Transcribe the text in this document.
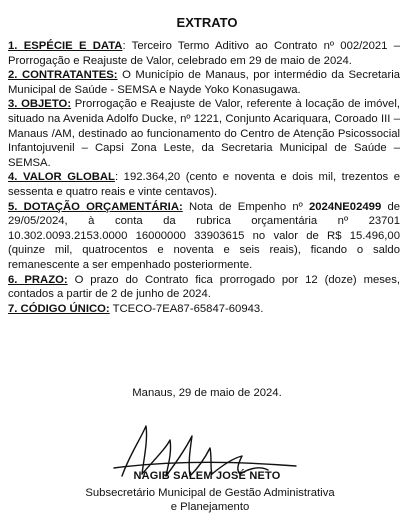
EXTRATO

1. ESPÉCIE E DATA: Terceiro Termo Aditivo ao Contrato nº 002/2021 – Prorrogação e Reajuste de Valor, celebrado em 29 de maio de 2024.

2. CONTRATANTES: O Município de Manaus, por intermédio da Secretaria Municipal de Saúde - SEMSA e Nayde Yoko Konasugawa.

3. OBJETO: Prorrogação e Reajuste de Valor, referente à locação de imóvel, situado na Avenida Adolfo Ducke, nº 1221, Conjunto Acariquara, Coroado III – Manaus /AM, destinado ao funcionamento do Centro de Atenção Psicossocial Infantojuvenil – Capsi Zona Leste, da Secretaria Municipal de Saúde – SEMSA.

4. VALOR GLOBAL: 192.364,20 (cento e noventa e dois mil, trezentos e sessenta e quatro reais e vinte centavos).

5. DOTAÇÃO ORÇAMENTÁRIA: Nota de Empenho nº 2024NE02499 de 29/05/2024, à conta da rubrica orçamentária nº 23701 10.302.0093.2153.0000 16000000 33903615 no valor de R$ 15.496,00 (quinze mil, quatrocentos e noventa e seis reais), ficando o saldo remanescente a ser empenhado posteriormente.

6. PRAZO: O prazo do Contrato fica prorrogado por 12 (doze) meses, contados a partir de 2 de junho de 2024.

7. CÓDIGO ÚNICO: TCECO-7EA87-65847-60943.

Manaus, 29 de maio de 2024.
NAGIB SALEM JOSÉ NETO
Subsecretário Municipal de Gestão Administrativa
e Planejamento
